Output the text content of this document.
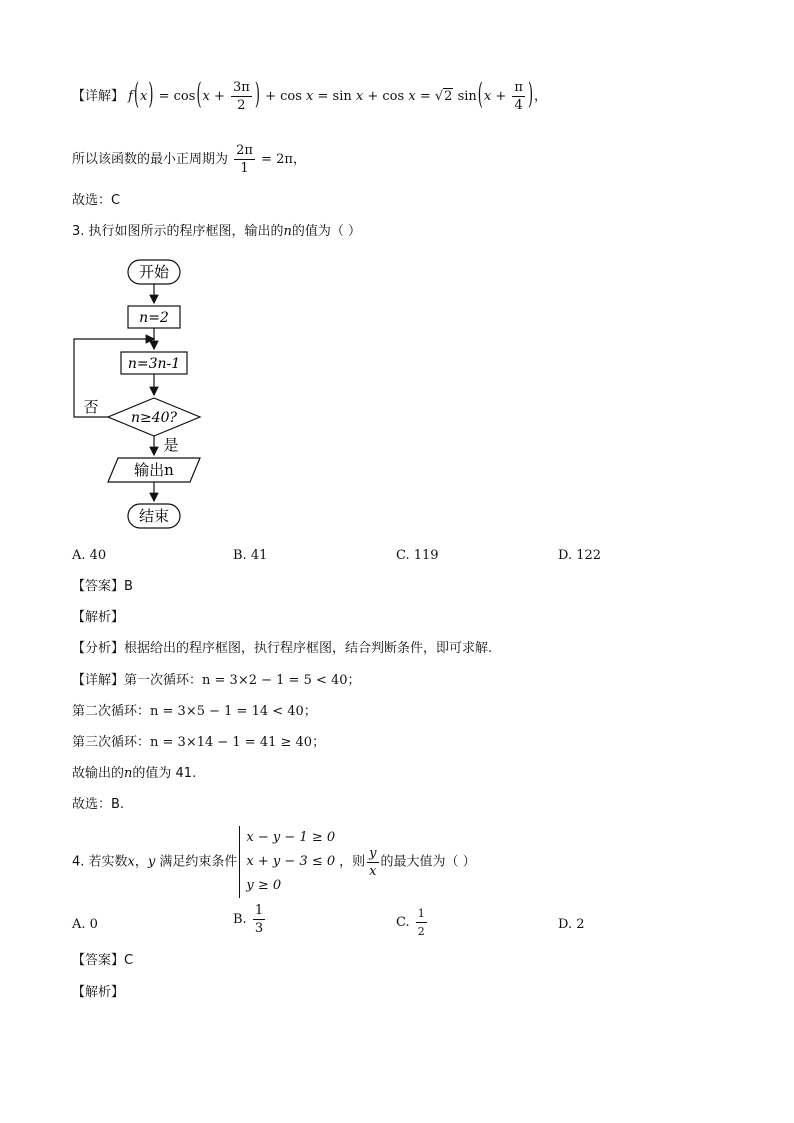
【详解】 $f(x) = \cos(x + \frac{3\pi}{2}$ ) + cos x = sin x + cos x = √2 $\sin(x + \frac{\pi}{4}$ )，
所以该函数的最小正周期为 $\frac{2\pi}{1} = 2\pi$，
故选：C
3. 执行如图所示的程序框图，输出的n的值为（ ）
开始
n=2
n=3n-1
n≥40?
否
是
输出n
结束
A. 40	B. 41	C. 119	D. 122
【答案】B
【解析】
【分析】根据给出的程序框图，执行程序框图，结合判断条件，即可求解.
【详解】第一次循环：n = 3×2 − 1 = 5 < 40；
第二次循环：n = 3×5 − 1 = 14 < 40；
第三次循环：n = 3×14 − 1 = 41 ≥ 40；
故输出的n的值为 41.
故选：B.
4. 若实数x，y 满足约束条件
x − y − 1 ≥ 0
x + y − 3 ≤ 0
y ≥ 0
，则 $\frac{y}{x}$ 的最大值为（ ）
A. 0	B. $\frac{1}{3}$	C. $\frac{1}{2}$	D. 2
【答案】C
【解析】
